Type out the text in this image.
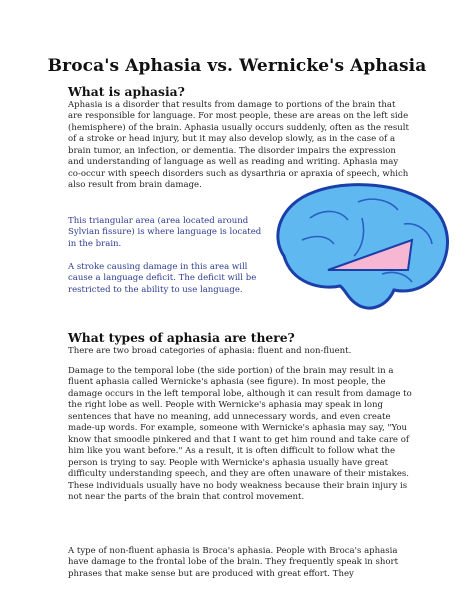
Broca's Aphasia vs. Wernicke's Aphasia
What is aphasia?
Aphasia is a disorder that results from damage to portions of the brain that are responsible for language. For most people, these are areas on the left side (hemisphere) of the brain. Aphasia usually occurs suddenly, often as the result of a stroke or head injury, but it may also develop slowly, as in the case of a brain tumor, an infection, or dementia. The disorder impairs the expression and understanding of language as well as reading and writing. Aphasia may co-occur with speech disorders such as dysarthria or apraxia of speech, which also result from brain damage.
This triangular area (area located around Sylvian fissure) is where language is located in the brain.
A stroke causing damage in this area will cause a language deficit. The deficit will be restricted to the ability to use language.
What types of aphasia are there?
There are two broad categories of aphasia: fluent and non-fluent.
Damage to the temporal lobe (the side portion) of the brain may result in a fluent aphasia called Wernicke's aphasia (see figure). In most people, the damage occurs in the left temporal lobe, although it can result from damage to the right lobe as well. People with Wernicke's aphasia may speak in long sentences that have no meaning, add unnecessary words, and even create made-up words. For example, someone with Wernicke's aphasia may say, "You know that smoodle pinkered and that I want to get him round and take care of him like you want before." As a result, it is often difficult to follow what the person is trying to say. People with Wernicke's aphasia usually have great difficulty understanding speech, and they are often unaware of their mistakes. These individuals usually have no body weakness because their brain injury is not near the parts of the brain that control movement.
A type of non-fluent aphasia is Broca's aphasia. People with Broca's aphasia have damage to the frontal lobe of the brain. They frequently speak in short phrases that make sense but are produced with great effort. They
